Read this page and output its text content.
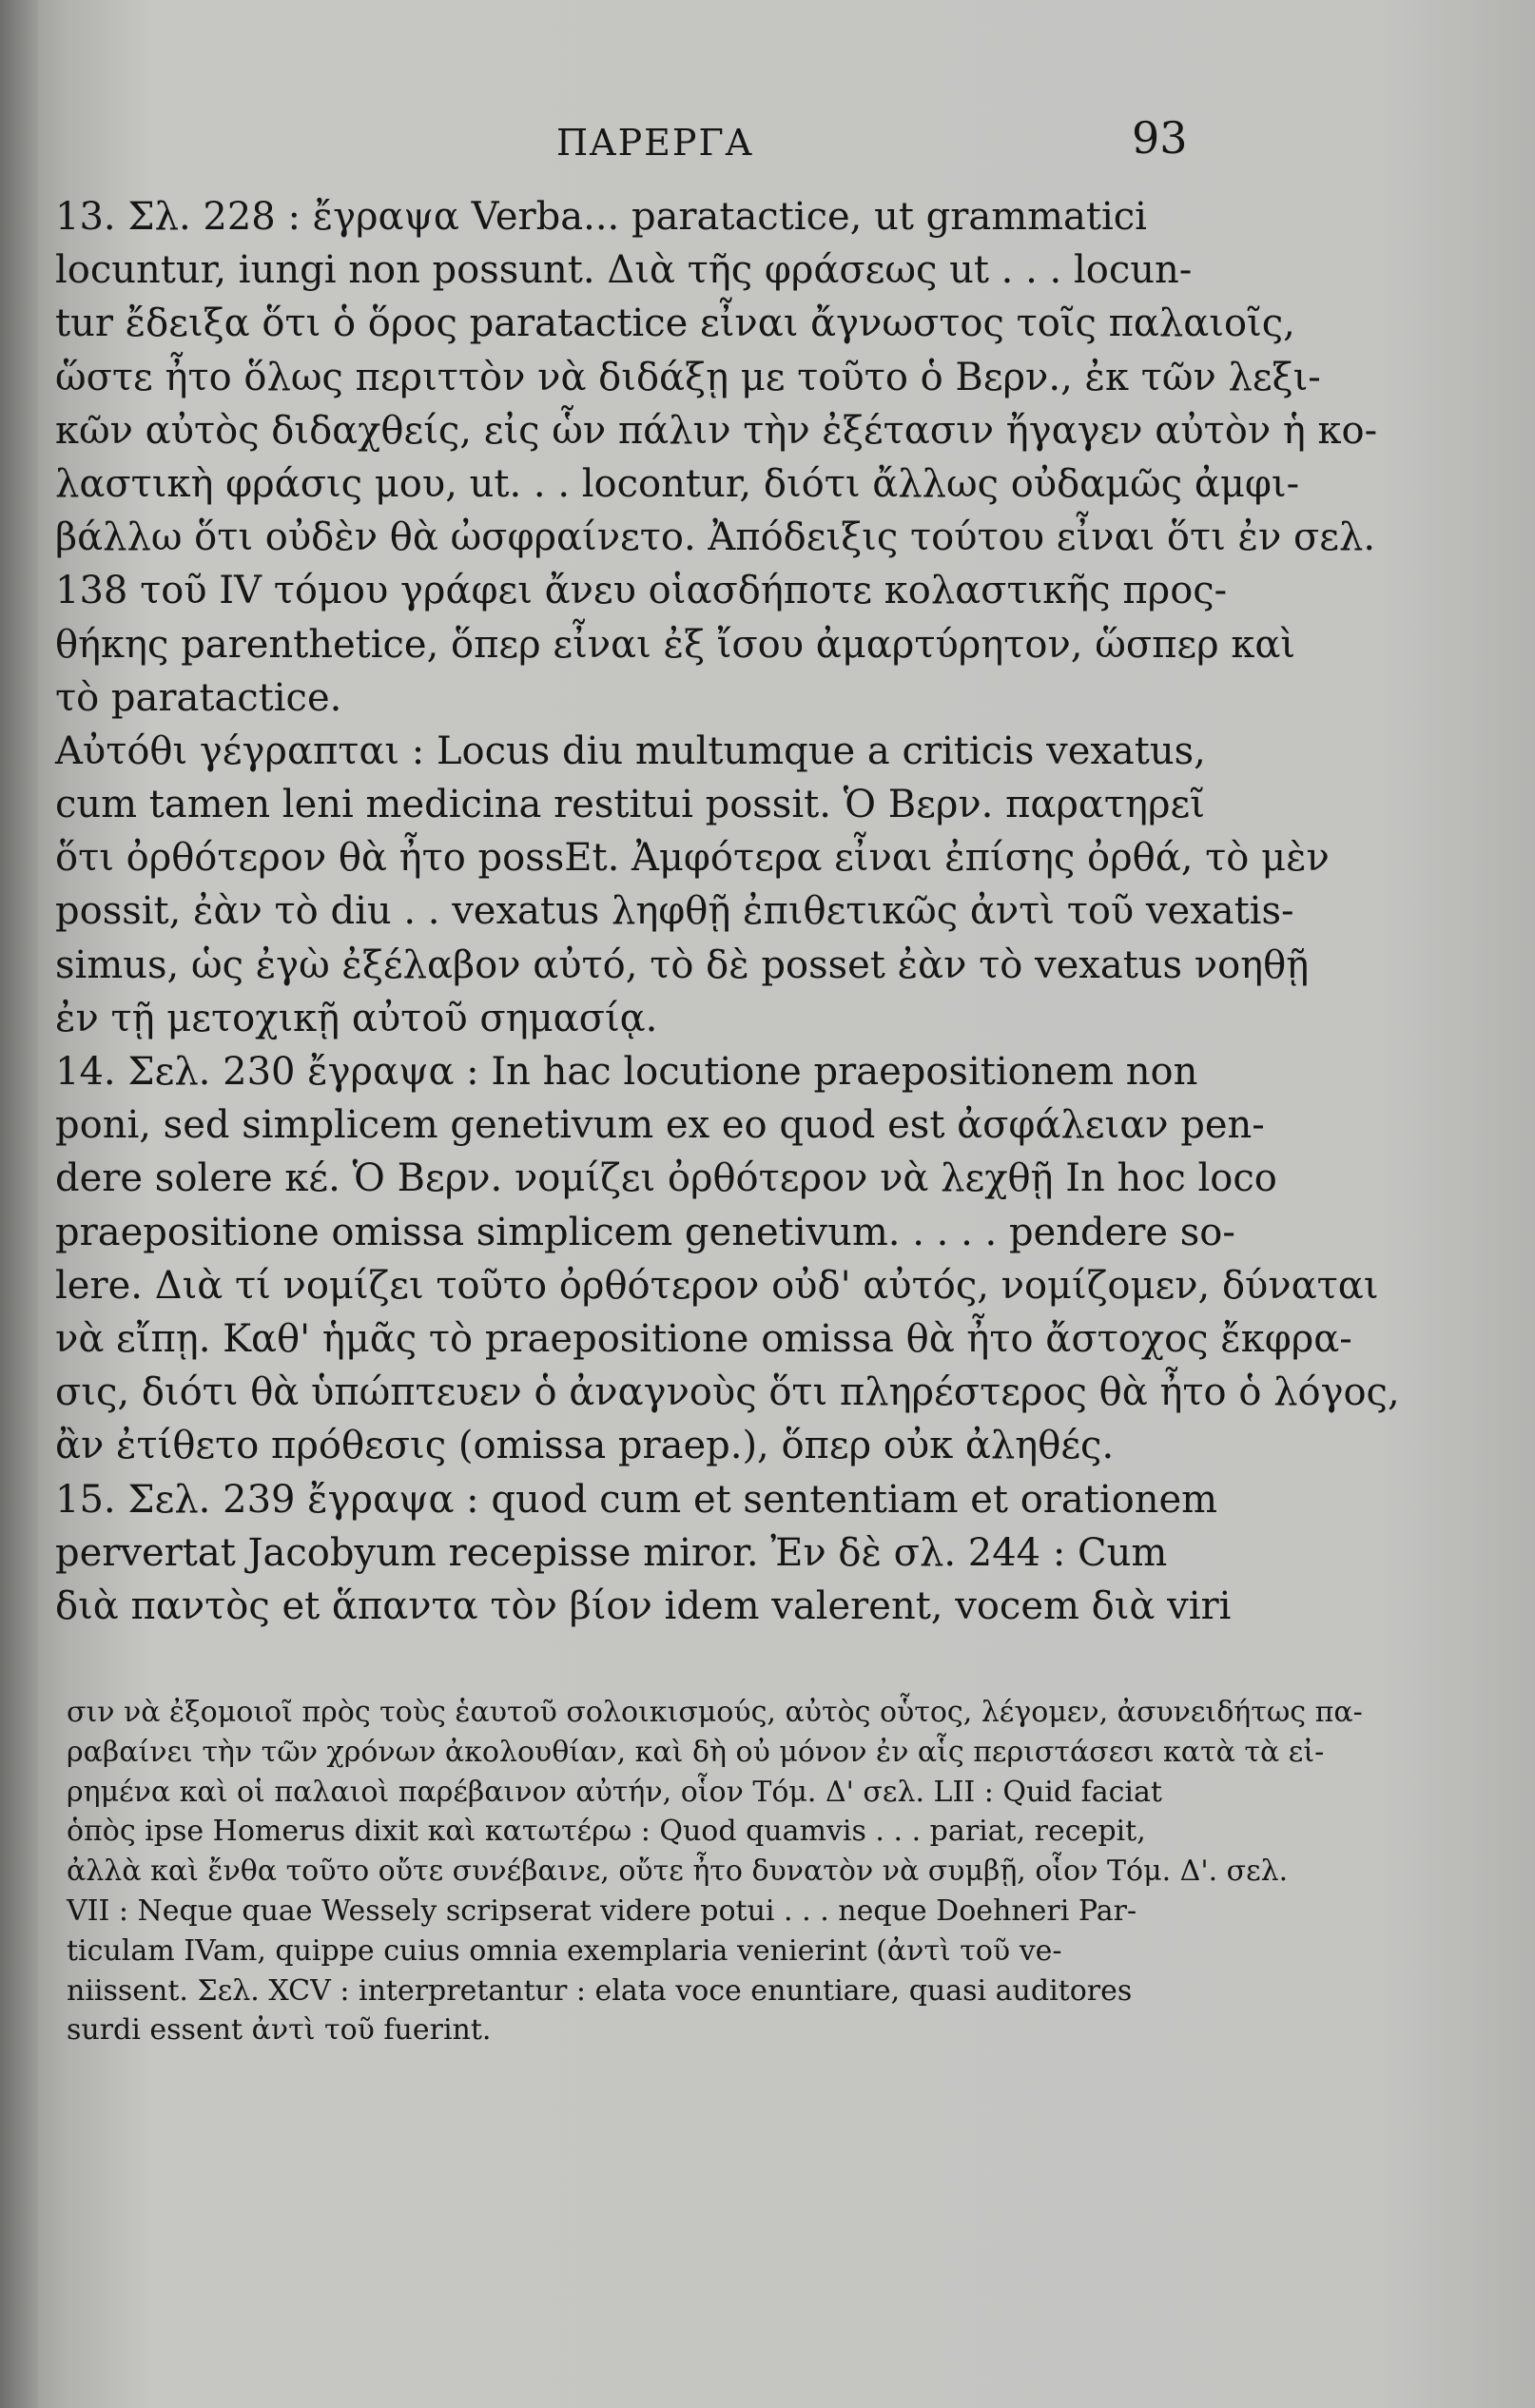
ΠΑΡΕΡΓΑ	93
13. Σλ. 228 : ἔγραψα Verba... paratactice, ut grammatici
locuntur, iungi non possunt. Διὰ τῆς φράσεως ut . . . locun-
tur ἔδειξα ὅτι ὁ ὅρος paratactice εἶναι ἄγνωστος τοῖς παλαιοῖς,
ὥστε ἦτο ὅλως περιττὸν νὰ διδάξῃ με τοῦτο ὁ Βερν., ἐκ τῶν λεξι-
κῶν αὐτὸς διδαχθείς, εἰς ὧν πάλιν τὴν ἐξέτασιν ἤγαγεν αὐτὸν ἡ κο-
λαστικὴ φράσις μου, ut. . . locontur, διότι ἄλλως οὐδαμῶς ἀμφι-
βάλλω ὅτι οὐδὲν θὰ ὠσφραίνετο. Ἀπόδειξις τούτου εἶναι ὅτι ἐν σελ.
138 τοῦ IV τόμου γράφει ἄνευ οἱασδήποτε κολαστικῆς προς-
θήκης parenthetice, ὅπερ εἶναι ἐξ ἴσου ἀμαρτύρητον, ὥσπερ καὶ
τὸ paratactice.
Αὐτόθι γέγραπται : Locus diu multumque a criticis vexatus,
cum tamen leni medicina restitui possit. Ὁ Βερν. παρατηρεῖ
ὅτι ὀρθότερον θὰ ἦτο possEt. Ἀμφότερα εἶναι ἐπίσης ὀρθά, τὸ μὲν
possit, ἐὰν τὸ diu . . vexatus ληφθῇ ἐπιθετικῶς ἀντὶ τοῦ vexatis-
simus, ὡς ἐγὼ ἐξέλαβον αὐτό, τὸ δὲ posset ἐὰν τὸ vexatus νοηθῇ
ἐν τῇ μετοχικῇ αὐτοῦ σημασίᾳ.
14. Σελ. 230 ἔγραψα : In hac locutione praepositionem non
poni, sed simplicem genetivum ex eo quod est ἀσφάλειαν pen-
dere solere κέ. Ὁ Βερν. νομίζει ὀρθότερον νὰ λεχθῇ In hoc loco
praepositione omissa simplicem genetivum. . . . . pendere so-
lere. Διὰ τί νομίζει τοῦτο ὀρθότερον οὐδ' αὐτός, νομίζομεν, δύναται
νὰ εἴπῃ. Καθ' ἡμᾶς τὸ praepositione omissa θὰ ἦτο ἄστοχος ἔκφρα-
σις, διότι θὰ ὑπώπτευεν ὁ ἀναγνοὺς ὅτι πληρέστερος θὰ ἦτο ὁ λόγος,
ἂν ἐτίθετο πρόθεσις (omissa praep.), ὅπερ οὐκ ἀληθές.
15. Σελ. 239 ἔγραψα : quod cum et sententiam et orationem
pervertat Jacobyum recepisse miror. Ἐν δὲ σλ. 244 : Cum
διὰ παντὸς et ἅπαντα τὸν βίον idem valerent, vocem διὰ viri
σιν νὰ ἐξομοιοῖ πρὸς τοὺς ἑαυτοῦ σολοικισμούς, αὐτὸς οὗτος, λέγομεν, ἀσυνειδήτως πα-
ραβαίνει τὴν τῶν χρόνων ἀκολουθίαν, καὶ δὴ οὐ μόνον ἐν αἷς περιστάσεσι κατὰ τὰ εἰ-
ρημένα καὶ οἱ παλαιοὶ παρέβαινον αὐτήν, οἷον Τόμ. Δ' σελ. LII : Quid faciat
ὁπὸς ipse Homerus dixit καὶ κατωτέρω : Quod quamvis . . . pariat, recepit,
ἀλλὰ καὶ ἔνθα τοῦτο οὔτε συνέβαινε, οὔτε ἦτο δυνατὸν νὰ συμβῇ, οἷον Τόμ. Δ'. σελ.
VII : Neque quae Wessely scripserat videre potui . . . neque Doehneri Par-
ticulam IVam, quippe cuius omnia exemplaria venierint (ἀντὶ τοῦ ve-
niissent. Σελ. XCV : interpretantur : elata voce enuntiare, quasi auditores
surdi essent ἀντὶ τοῦ fuerint.
